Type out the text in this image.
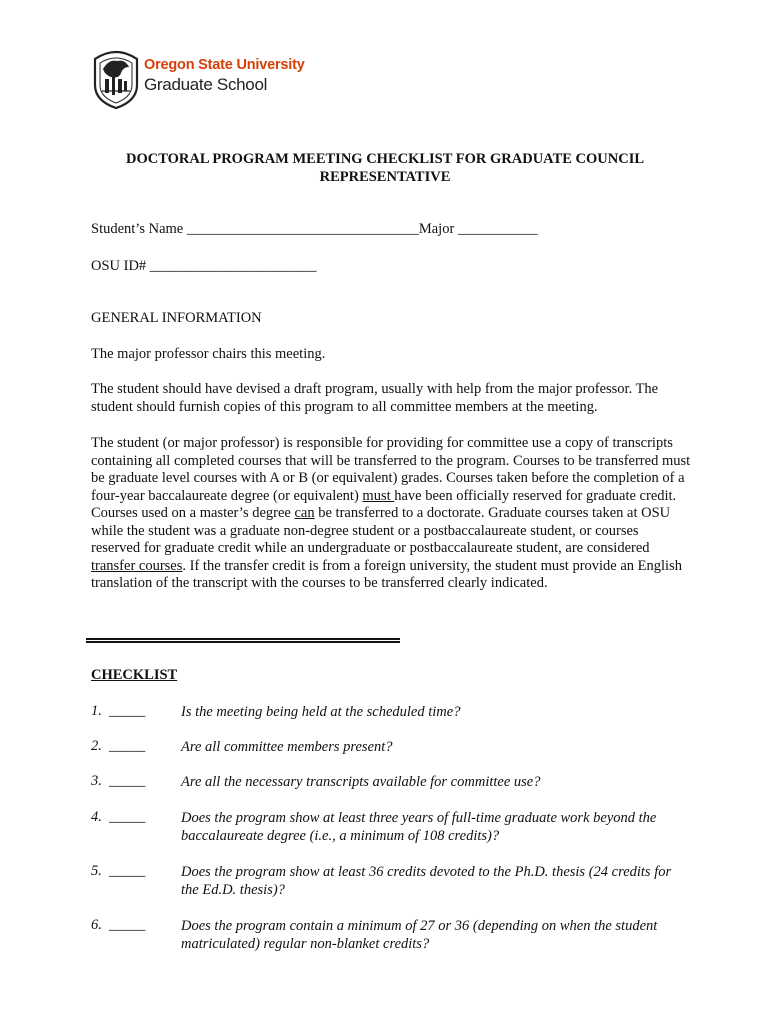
Oregon State University
Graduate School
DOCTORAL PROGRAM MEETING CHECKLIST FOR GRADUATE COUNCIL
REPRESENTATIVE
Student’s Name ________________________________Major ___________
OSU ID# _______________________
GENERAL INFORMATION
The major professor chairs this meeting.
The student should have devised a draft program, usually with help from the major professor. The student should furnish copies of this program to all committee members at the meeting.
The student (or major professor) is responsible for providing for committee use a copy of transcripts containing all completed courses that will be transferred to the program. Courses to be transferred must be graduate level courses with A or B (or equivalent) grades. Courses taken before the completion of a four-year baccalaureate degree (or equivalent) must have been officially reserved for graduate credit. Courses used on a master’s degree can be transferred to a doctorate. Graduate courses taken at OSU while the student was a graduate non-degree student or a postbaccalaureate student, or courses reserved for graduate credit while an undergraduate or postbaccalaureate student, are considered transfer courses. If the transfer credit is from a foreign university, the student must provide an English translation of the transcript with the courses to be transferred clearly indicated.
CHECKLIST
1. _____ Is the meeting being held at the scheduled time?
2. _____ Are all committee members present?
3. _____ Are all the necessary transcripts available for committee use?
4. _____ Does the program show at least three years of full-time graduate work beyond the baccalaureate degree (i.e., a minimum of 108 credits)?
5. _____ Does the program show at least 36 credits devoted to the Ph.D. thesis (24 credits for the Ed.D. thesis)?
6. _____ Does the program contain a minimum of 27 or 36 (depending on when the student matriculated) regular non-blanket credits?
